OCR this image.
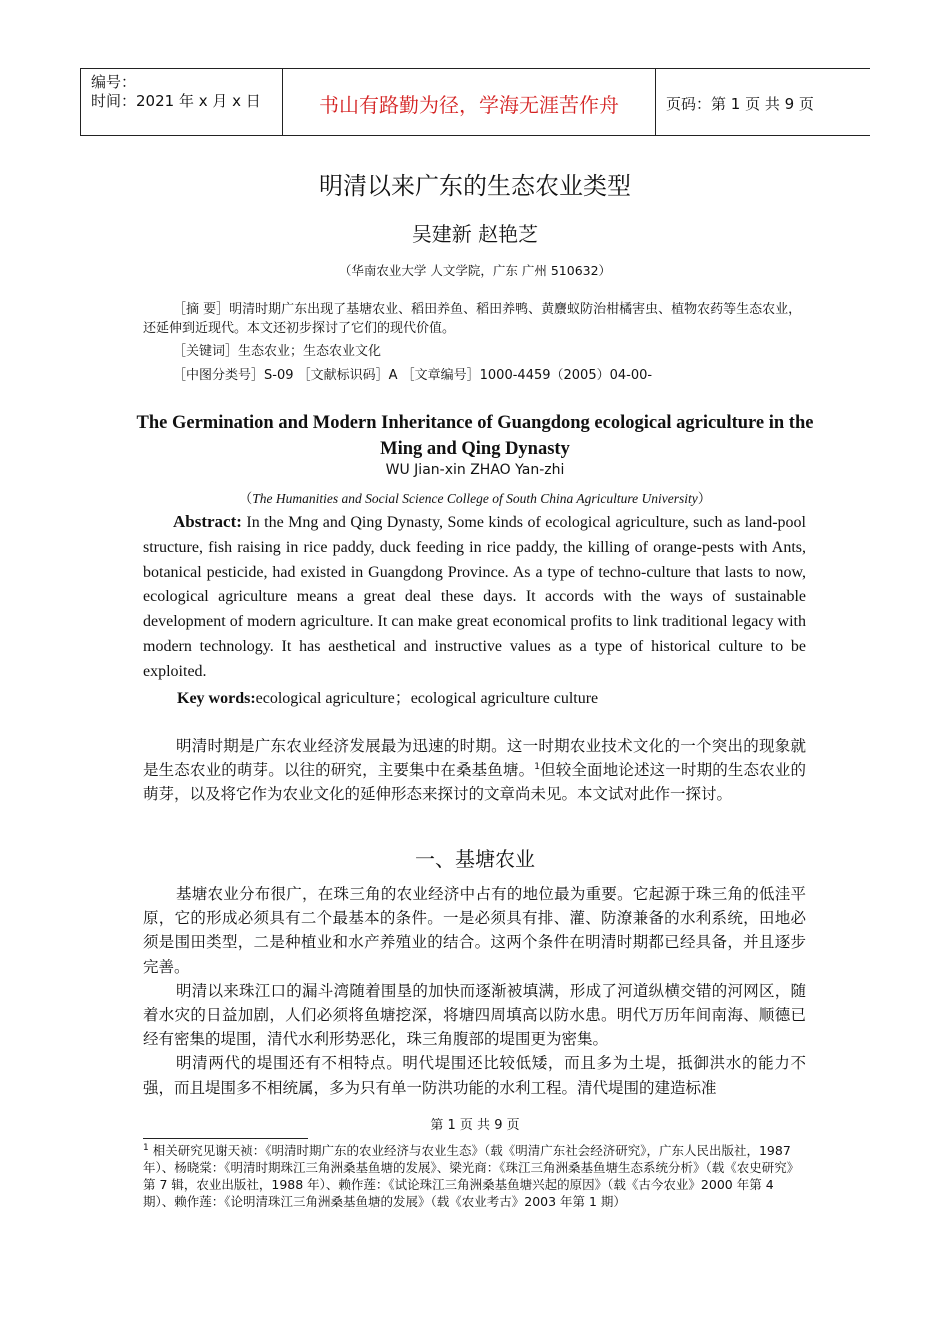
编号：
时间：2021 年 x 月 x 日	书山有路勤为径，学海无涯苦作舟	页码：第 1 页 共 9 页
明清以来广东的生态农业类型
吴建新 赵艳芝
（华南农业大学 人文学院，广东 广州 510632）

［摘 要］明清时期广东出现了基塘农业、稻田养鱼、稻田养鸭、黄麖蚁防治柑橘害虫、植物农药等生态农业，还延伸到近现代。本文还初步探讨了它们的现代价值。

［关键词］生态农业；生态农业文化
［中图分类号］S-09 ［文献标识码］A ［文章编号］1000-4459（2005）04-00-
The Germination and Modern Inheritance of Guangdong ecological agriculture in the Ming and Qing Dynasty
WU Jian-xin ZHAO Yan-zhi
（The Humanities and Social Science College of South China Agriculture University）

Abstract: In the Mng and Qing Dynasty, Some kinds of ecological agriculture, such as land-pool structure, fish raising in rice paddy, duck feeding in rice paddy, the killing of orange-pests with Ants, botanical pesticide, had existed in Guangdong Province. As a type of techno-culture that lasts to now, ecological agriculture means a great deal these days. It accords with the ways of sustainable development of modern agriculture. It can make great economical profits to link traditional legacy with modern technology. It has aesthetical and instructive values as a type of historical culture to be exploited.

Key words:ecological agriculture；ecological agriculture culture

明清时期是广东农业经济发展最为迅速的时期。这一时期农业技术文化的一个突出的现象就是生态农业的萌芽。以往的研究，主要集中在桑基鱼塘。$^1$但较全面地论述这一时期的生态农业的萌芽，以及将它作为农业文化的延伸形态来探讨的文章尚未见。本文试对此作一探讨。

一、基塘农业

基塘农业分布很广，在珠三角的农业经济中占有的地位最为重要。它起源于珠三角的低洼平原，它的形成必须具有二个最基本的条件。一是必须具有排、灌、防潦兼备的水利系统，田地必须是围田类型，二是种植业和水产养殖业的结合。这两个条件在明清时期都已经具备，并且逐步完善。

明清以来珠江口的漏斗湾随着围垦的加快而逐渐被填满，形成了河道纵横交错的河网区，随着水灾的日益加剧，人们必须将鱼塘挖深，将塘四周填高以防水患。明代万历年间南海、顺德已经有密集的堤围，清代水利形势恶化，珠三角腹部的堤围更为密集。

明清两代的堤围还有不相特点。明代堤围还比较低矮，而且多为土堤，抵御洪水的能力不强，而且堤围多不相统属，多为只有单一防洪功能的水利工程。清代堤围的建造标准

第 1 页 共 9 页

$^1$ 相关研究见谢天祯：《明清时期广东的农业经济与农业生态》（载《明清广东社会经济研究》，广东人民出版社，1987 年）、杨晓棠：《明清时期珠江三角洲桑基鱼塘的发展》、梁光商：《珠江三角洲桑基鱼塘生态系统分析》（载《农史研究》第 7 辑，农业出版社，1988 年）、赖作莲：《试论珠江三角洲桑基鱼塘兴起的原因》（载《古今农业》2000 年第 4 期）、赖作莲：《论明清珠江三角洲桑基鱼塘的发展》（载《农业考古》2003 年第 1 期）
